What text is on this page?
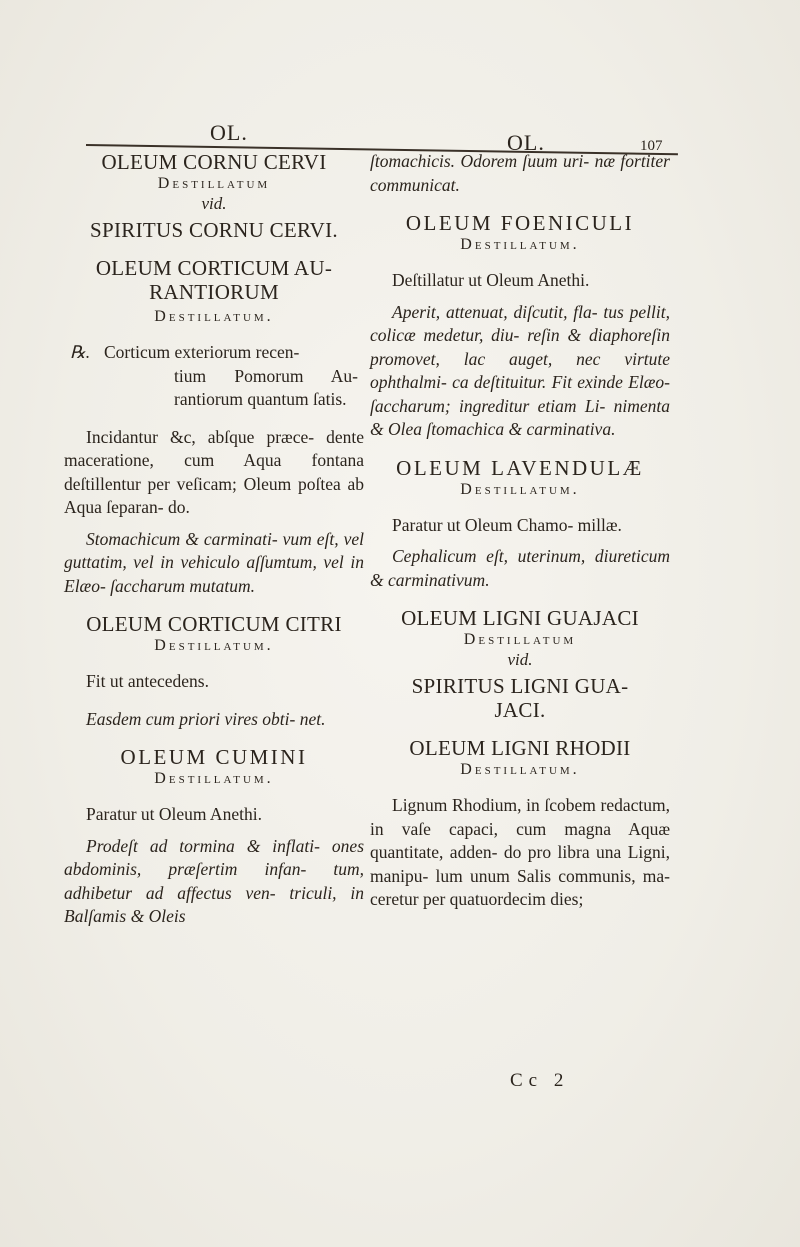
OL.	OL.	107
OLEUM CORNU CERVI
Destillatum
vid.
SPIRITUS CORNU CERVI.
OLEUM CORTICUM AU-
RANTIORUM
Destillatum.
℞. Corticum exteriorum recen-
tium Pomorum Au- rantiorum quantum ſatis.
Incidantur &c, abſque præce- dente maceratione, cum Aqua fontana deſtillentur per veſicam; Oleum poſtea ab Aqua ſeparan- do.
Stomachicum & carminati- vum eſt, vel guttatim, vel in vehiculo aſſumtum, vel in Elæo- ſaccharum mutatum.
OLEUM CORTICUM CITRI
Destillatum.
Fit ut antecedens.
Easdem cum priori vires obti- net.
OLEUM CUMINI
Destillatum.
Paratur ut Oleum Anethi.
Prodeſt ad tormina & inflati- ones abdominis, præſertim infan- tum, adhibetur ad affectus ven- triculi, in Balſamis & Oleis
ſtomachicis. Odorem ſuum uri- næ fortiter communicat.
OLEUM FOENICULI
Destillatum.
Deſtillatur ut Oleum Anethi.
Aperit, attenuat, diſcutit, fla- tus pellit, colicæ medetur, diu- reſin & diaphoreſin promovet, lac auget, nec virtute ophthalmi- ca deſtituitur. Fit exinde Elæo- ſaccharum; ingreditur etiam Li- nimenta & Olea ſtomachica & carminativa.
OLEUM LAVENDULÆ
Destillatum.
Paratur ut Oleum Chamo- millæ.
Cephalicum eſt, uterinum, diureticum & carminativum.
OLEUM LIGNI GUAJACI
Destillatum
vid.
SPIRITUS LIGNI GUA-
JACI.
OLEUM LIGNI RHODII
Destillatum.
Lignum Rhodium, in ſcobem redactum, in vaſe capaci, cum magna Aquæ quantitate, adden- do pro libra una Ligni, manipu- lum unum Salis communis, ma- ceretur per quatuordecim dies;
Cc 2
